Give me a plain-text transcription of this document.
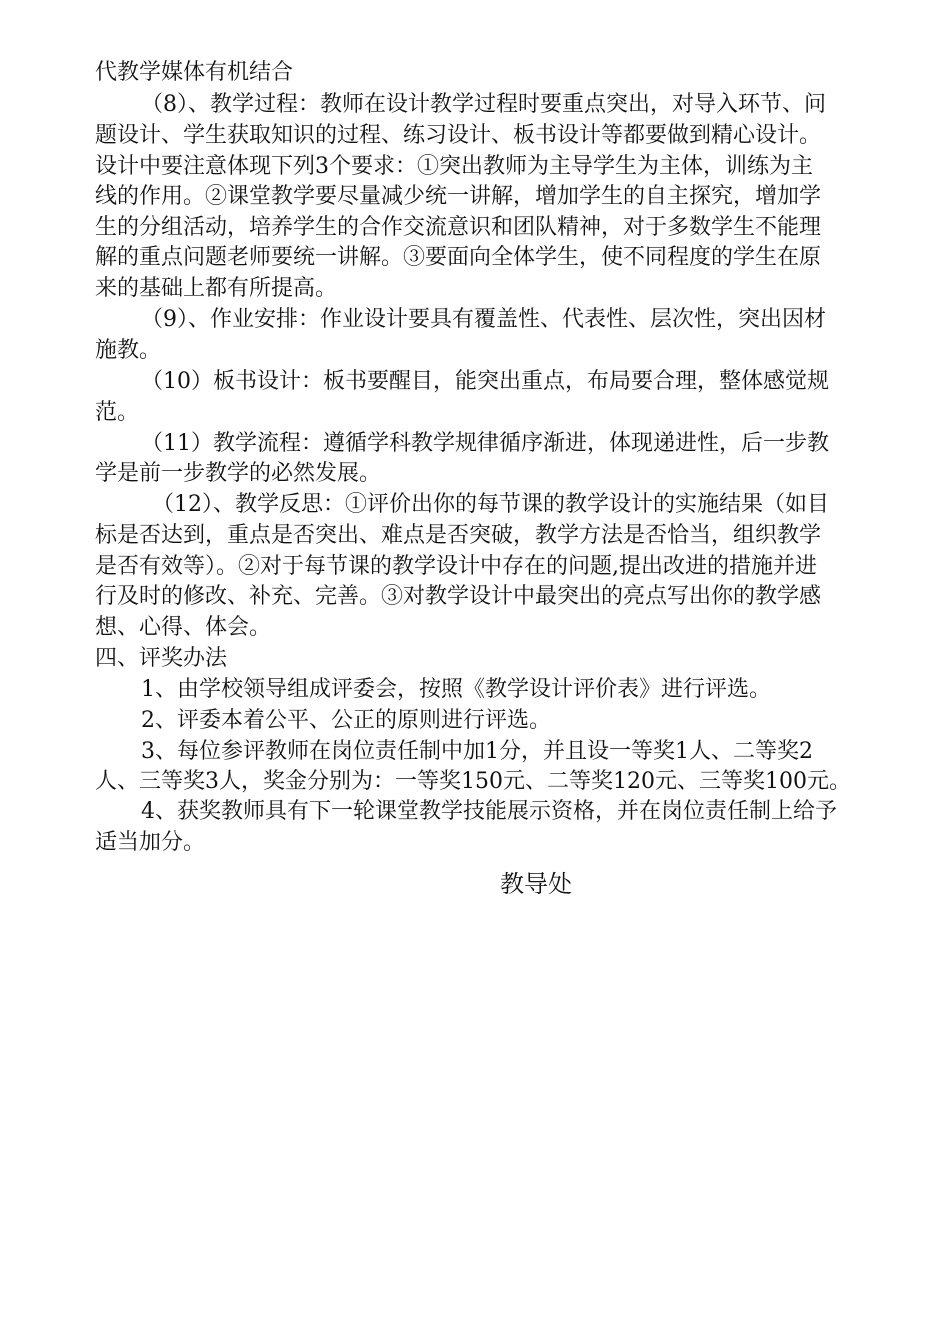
代教学媒体有机结合
（8）、教学过程：教师在设计教学过程时要重点突出，对导入环节、问
题设计、学生获取知识的过程、练习设计、板书设计等都要做到精心设计。
设计中要注意体现下列3个要求：①突出教师为主导学生为主体，训练为主
线的作用。②课堂教学要尽量减少统一讲解，增加学生的自主探究，增加学
生的分组活动，培养学生的合作交流意识和团队精神，对于多数学生不能理
解的重点问题老师要统一讲解。③要面向全体学生，使不同程度的学生在原
来的基础上都有所提高。
（9）、作业安排：作业设计要具有覆盖性、代表性、层次性，突出因材
施教。
（10）板书设计：板书要醒目，能突出重点，布局要合理，整体感觉规
范。
（11）教学流程：遵循学科教学规律循序渐进，体现递进性，后一步教
学是前一步教学的必然发展。
（12）、教学反思：①评价出你的每节课的教学设计的实施结果（如目
标是否达到，重点是否突出、难点是否突破，教学方法是否恰当，组织教学
是否有效等）。②对于每节课的教学设计中存在的问题,提出改进的措施并进
行及时的修改、补充、完善。③对教学设计中最突出的亮点写出你的教学感
想、心得、体会。
四、评奖办法
1、由学校领导组成评委会，按照《教学设计评价表》进行评选。
2、评委本着公平、公正的原则进行评选。
3、每位参评教师在岗位责任制中加1分，并且设一等奖1人、二等奖2
人、三等奖3人，奖金分别为：一等奖150元、二等奖120元、三等奖100元。
4、获奖教师具有下一轮课堂教学技能展示资格，并在岗位责任制上给予
适当加分。
教导处
